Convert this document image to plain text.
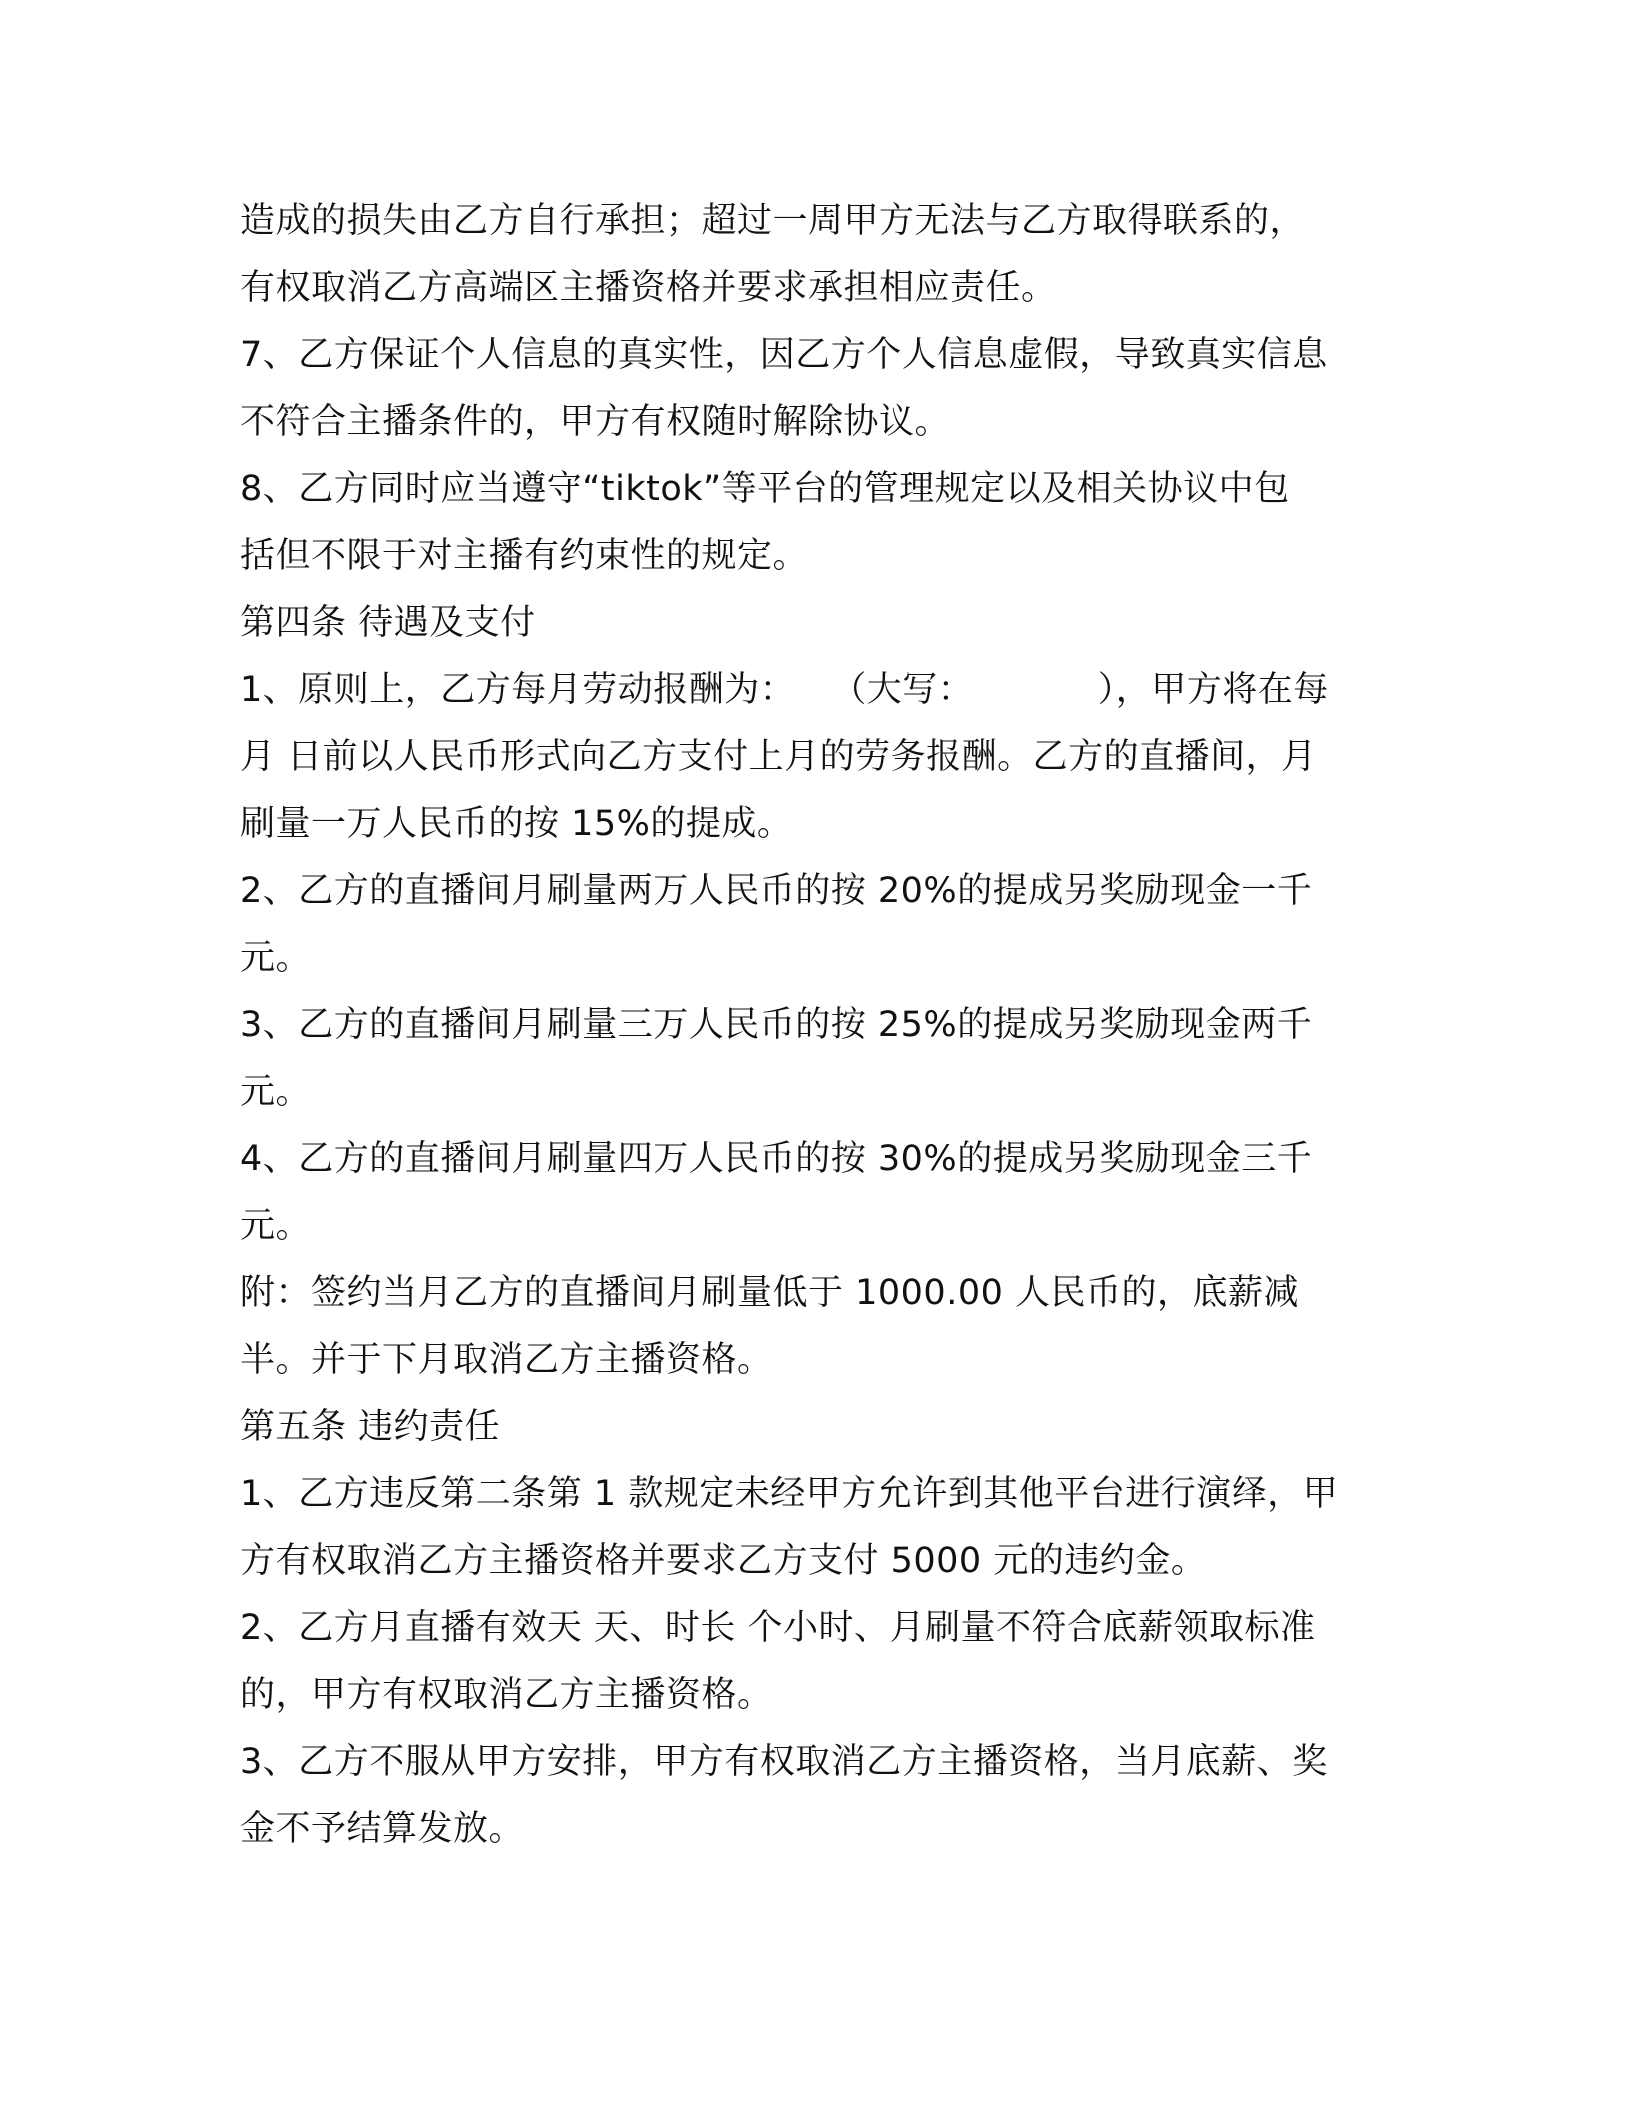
造成的损失由乙方自行承担；超过一周甲方无法与乙方取得联系的，
有权取消乙方高端区主播资格并要求承担相应责任。
7、乙方保证个人信息的真实性，因乙方个人信息虚假，导致真实信息
不符合主播条件的，甲方有权随时解除协议。
8、乙方同时应当遵守“tiktok”等平台的管理规定以及相关协议中包
括但不限于对主播有约束性的规定。
第四条 待遇及支付
1、原则上，乙方每月劳动报酬为：　　（大写：　　　　），甲方将在每
月 日前以人民币形式向乙方支付上月的劳务报酬。乙方的直播间，月
刷量一万人民币的按 15%的提成。
2、乙方的直播间月刷量两万人民币的按 20%的提成另奖励现金一千
元。
3、乙方的直播间月刷量三万人民币的按 25%的提成另奖励现金两千
元。
4、乙方的直播间月刷量四万人民币的按 30%的提成另奖励现金三千
元。
附：签约当月乙方的直播间月刷量低于 1000.00 人民币的，底薪减
半。并于下月取消乙方主播资格。
第五条 违约责任
1、乙方违反第二条第 1 款规定未经甲方允许到其他平台进行演绎，甲
方有权取消乙方主播资格并要求乙方支付 5000 元的违约金。
2、乙方月直播有效天 天、时长 个小时、月刷量不符合底薪领取标准
的，甲方有权取消乙方主播资格。
3、乙方不服从甲方安排，甲方有权取消乙方主播资格，当月底薪、奖
金不予结算发放。
